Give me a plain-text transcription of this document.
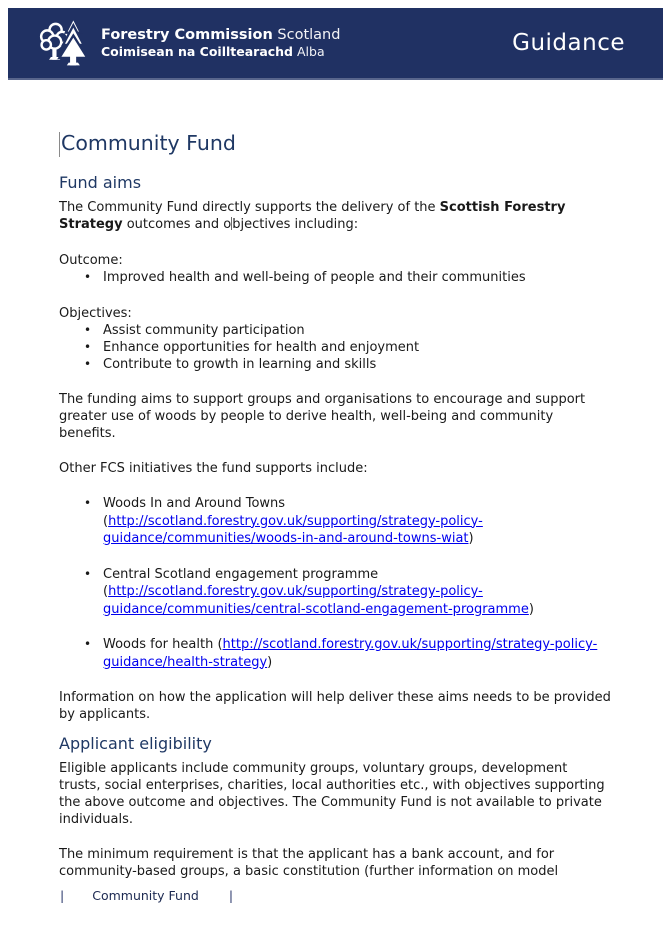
Forestry Commission Scotland
Coimisean na Coilltearachd Alba	Guidance
Community Fund
Fund aims

The Community Fund directly supports the delivery of the Scottish Forestry Strategy outcomes and objectives including:

Outcome:

• Improved health and well-being of people and their communities

Objectives:

• Assist community participation
• Enhance opportunities for health and enjoyment
• Contribute to growth in learning and skills

The funding aims to support groups and organisations to encourage and support greater use of woods by people to derive health, well-being and community benefits.

Other FCS initiatives the fund supports include:

• Woods In and Around Towns
(http://scotland.forestry.gov.uk/supporting/strategy-policy-
guidance/communities/woods-in-and-around-towns-wiat)
• Central Scotland engagement programme
(http://scotland.forestry.gov.uk/supporting/strategy-policy-
guidance/communities/central-scotland-engagement-programme)
• Woods for health (http://scotland.forestry.gov.uk/supporting/strategy-policy-
guidance/health-strategy)

Information on how the application will help deliver these aims needs to be provided by applicants.

Applicant eligibility

Eligible applicants include community groups, voluntary groups, development trusts, social enterprises, charities, local authorities etc., with objectives supporting the above outcome and objectives. The Community Fund is not available to private individuals.

The minimum requirement is that the applicant has a bank account, and for community-based groups, a basic constitution (further information on model

| Community Fund |
